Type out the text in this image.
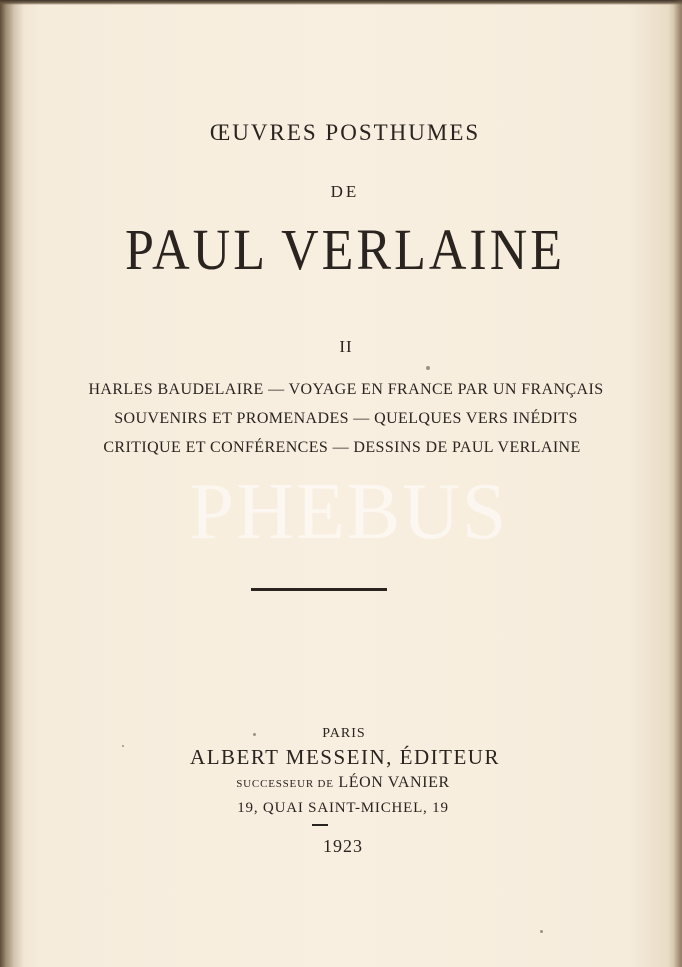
ŒUVRES POSTHUMES
DE
PAUL VERLAINE
II
HARLES BAUDELAIRE — VOYAGE EN FRANCE PAR UN FRANÇAIS
SOUVENIRS ET PROMENADES — QUELQUES VERS INÉDITS
CRITIQUE ET CONFÉRENCES — DESSINS DE PAUL VERLAINE
PHEBUS
PARIS
ALBERT MESSEIN, ÉDITEUR
SUCCESSEUR DE LÉON VANIER
19, QUAI SAINT-MICHEL, 19
1923
